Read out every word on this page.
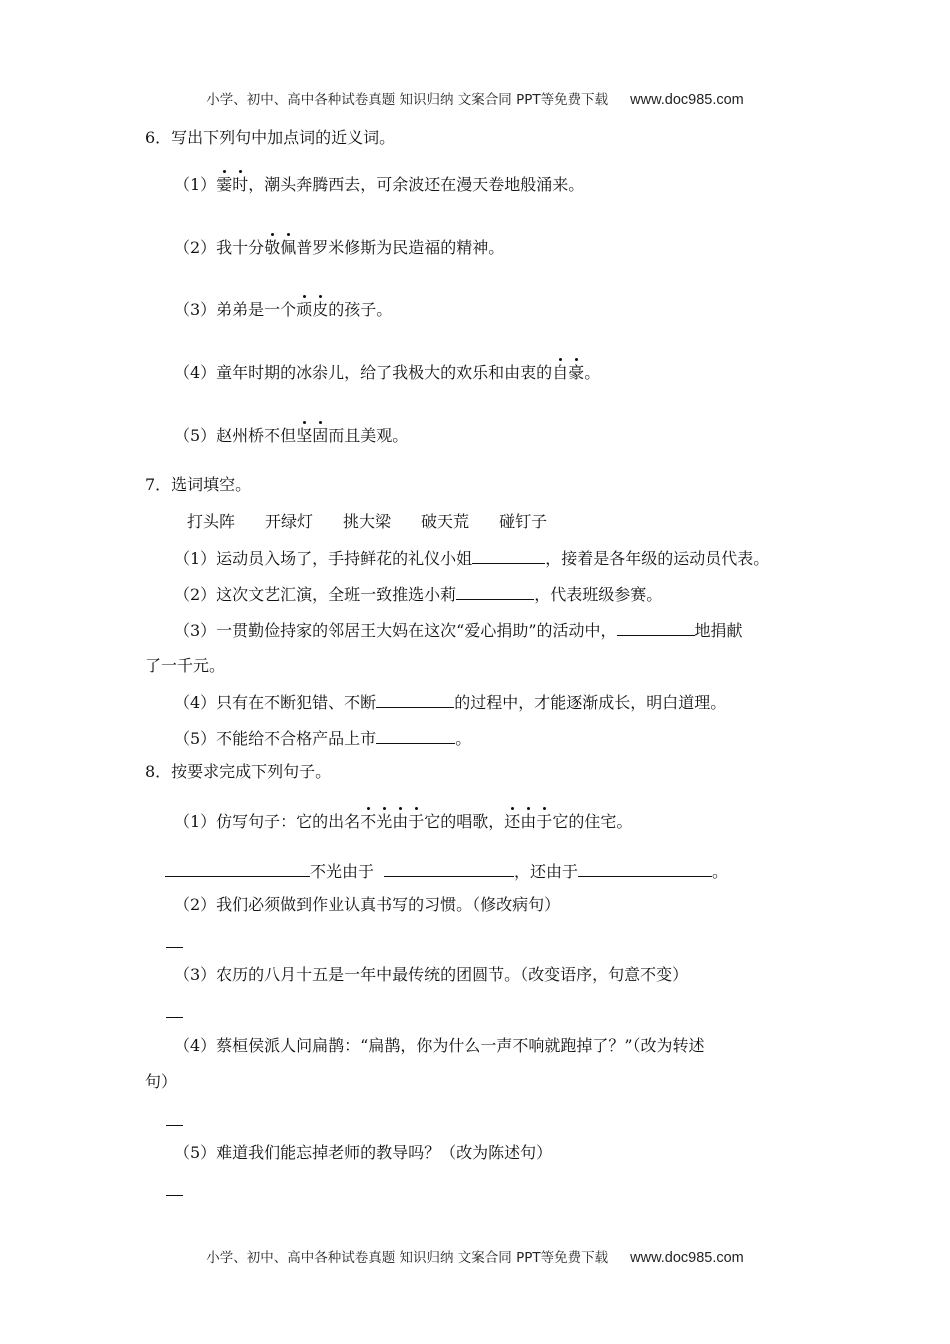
小学、初中、高中各种试卷真题 知识归纳 文案合同 PPT等免费下载 www.doc985.com
6．写出下列句中加点词的近义词。
（1）霎时，潮头奔腾西去，可余波还在漫天卷地般涌来。
（2）我十分敬佩普罗米修斯为民造福的精神。
（3）弟弟是一个顽皮的孩子。
（4）童年时期的冰尜儿，给了我极大的欢乐和由衷的自豪。
（5）赵州桥不但坚固而且美观。
7．选词填空。
打头阵 开绿灯 挑大梁 破天荒 碰钉子
（1）运动员入场了，手持鲜花的礼仪小姐	，接着是各年级的运动员代表。
（2）这次文艺汇演，全班一致推选小莉	，代表班级参赛。
（3）一贯勤俭持家的邻居王大妈在这次“爱心捐助”的活动中，	地捐献
了一千元。
（4）只有在不断犯错、不断	的过程中，才能逐渐成长，明白道理。
（5）不能给不合格产品上市	。
8．按要求完成下列句子。
（1）仿写句子：它的出名不光由于它的唱歌，还由于它的住宅。
不光由于	，还由于	。
（2）我们必须做到作业认真书写的习惯。（修改病句）
（3）农历的八月十五是一年中最传统的团圆节。（改变语序，句意不变）
（4）蔡桓侯派人问扁鹊：“扁鹊，你为什么一声不响就跑掉了？”（改为转述
句）
（5）难道我们能忘掉老师的教导吗？（改为陈述句）
小学、初中、高中各种试卷真题 知识归纳 文案合同 PPT等免费下载 www.doc985.com
